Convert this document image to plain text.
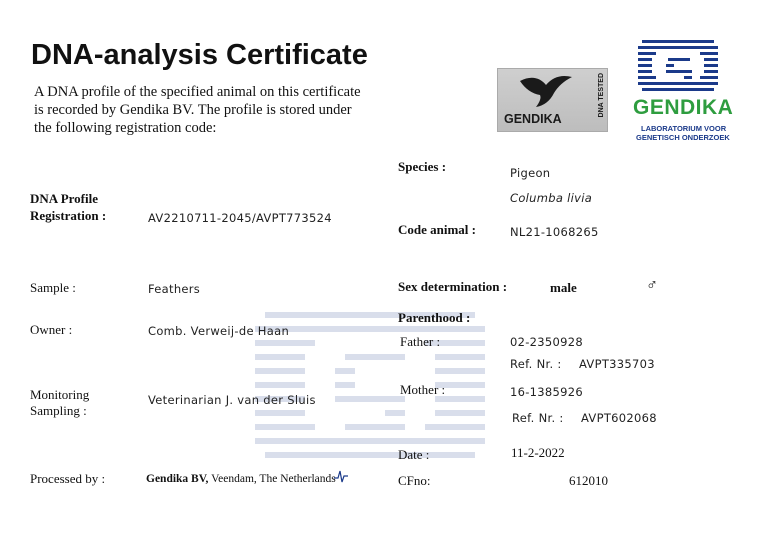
DNA-analysis Certificate
A DNA profile of the specified animal on this certificate is recorded by Gendika BV. The profile is stored under the following registration code:
GENDIKA
DNA TESTED GENDIKA
LABORATORIUM VOOR
GENETISCH ONDERZOEK
DNA Profile
Registration :	AV2210711-2045/AVPT773524
Sample :	Feathers
Owner :	Comb. Verweij-de Haan
Monitoring
Sampling :
Veterinarian J. van der Sluis
Processed by :	Gendika BV, Veendam, The Netherlands
Species :	Pigeon
Columba livia
Code animal :	NL21-1068265
Sex determination :	male	♂
Parenthood :
Father :	02-2350928
Ref. Nr. : AVPT335703
Mother :	16-1385926
Ref. Nr. : AVPT602068
Date :	11-2-2022
CFno:	612010
